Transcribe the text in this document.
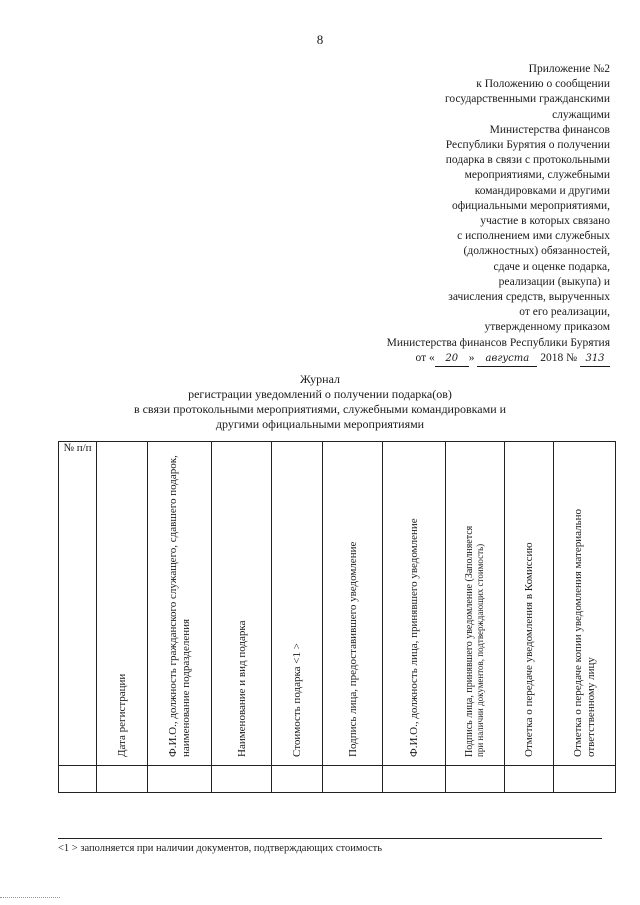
8
Приложение №2
к Положению о сообщении
государственными гражданскими
служащими
Министерства финансов
Республики Бурятия о получении
подарка в связи с протокольными
мероприятиями, служебными
командировками и другими
официальными мероприятиями,
участие в которых связано
с исполнением ими служебных
(должностных) обязанностей,
сдачe и оценке подарка,
реализации (выкупа) и
зачисления средств, вырученных
от его реализации,
утвержденному приказом
Министерства финансов Республики Бурятия
от « 20 » августа 2018 № 313
Журнал
регистрации уведомлений о получении подарка(ов)
в связи протокольными мероприятиями, служебными командировками и
другими официальными мероприятиями
№ п/п	Дата регистрации	Ф.И.О., должность гражданского служащего, сдавшего подарок, наименование подразделения	Наименование и вид подарка	Стоимость подарка <1 >	Подпись лица, предоставившего уведомление	Ф.И.О., должность лица, принявшего уведомление	Подпись лица, принявшего уведомление (Заполняется при наличии документов, подтверждающих стоимость)	Отметка о передаче уведомления в Комиссию	Отметка о передаче копии уведомления материально ответственному лицу

<1 > заполняется при наличии документов, подтверждающих стоимость
